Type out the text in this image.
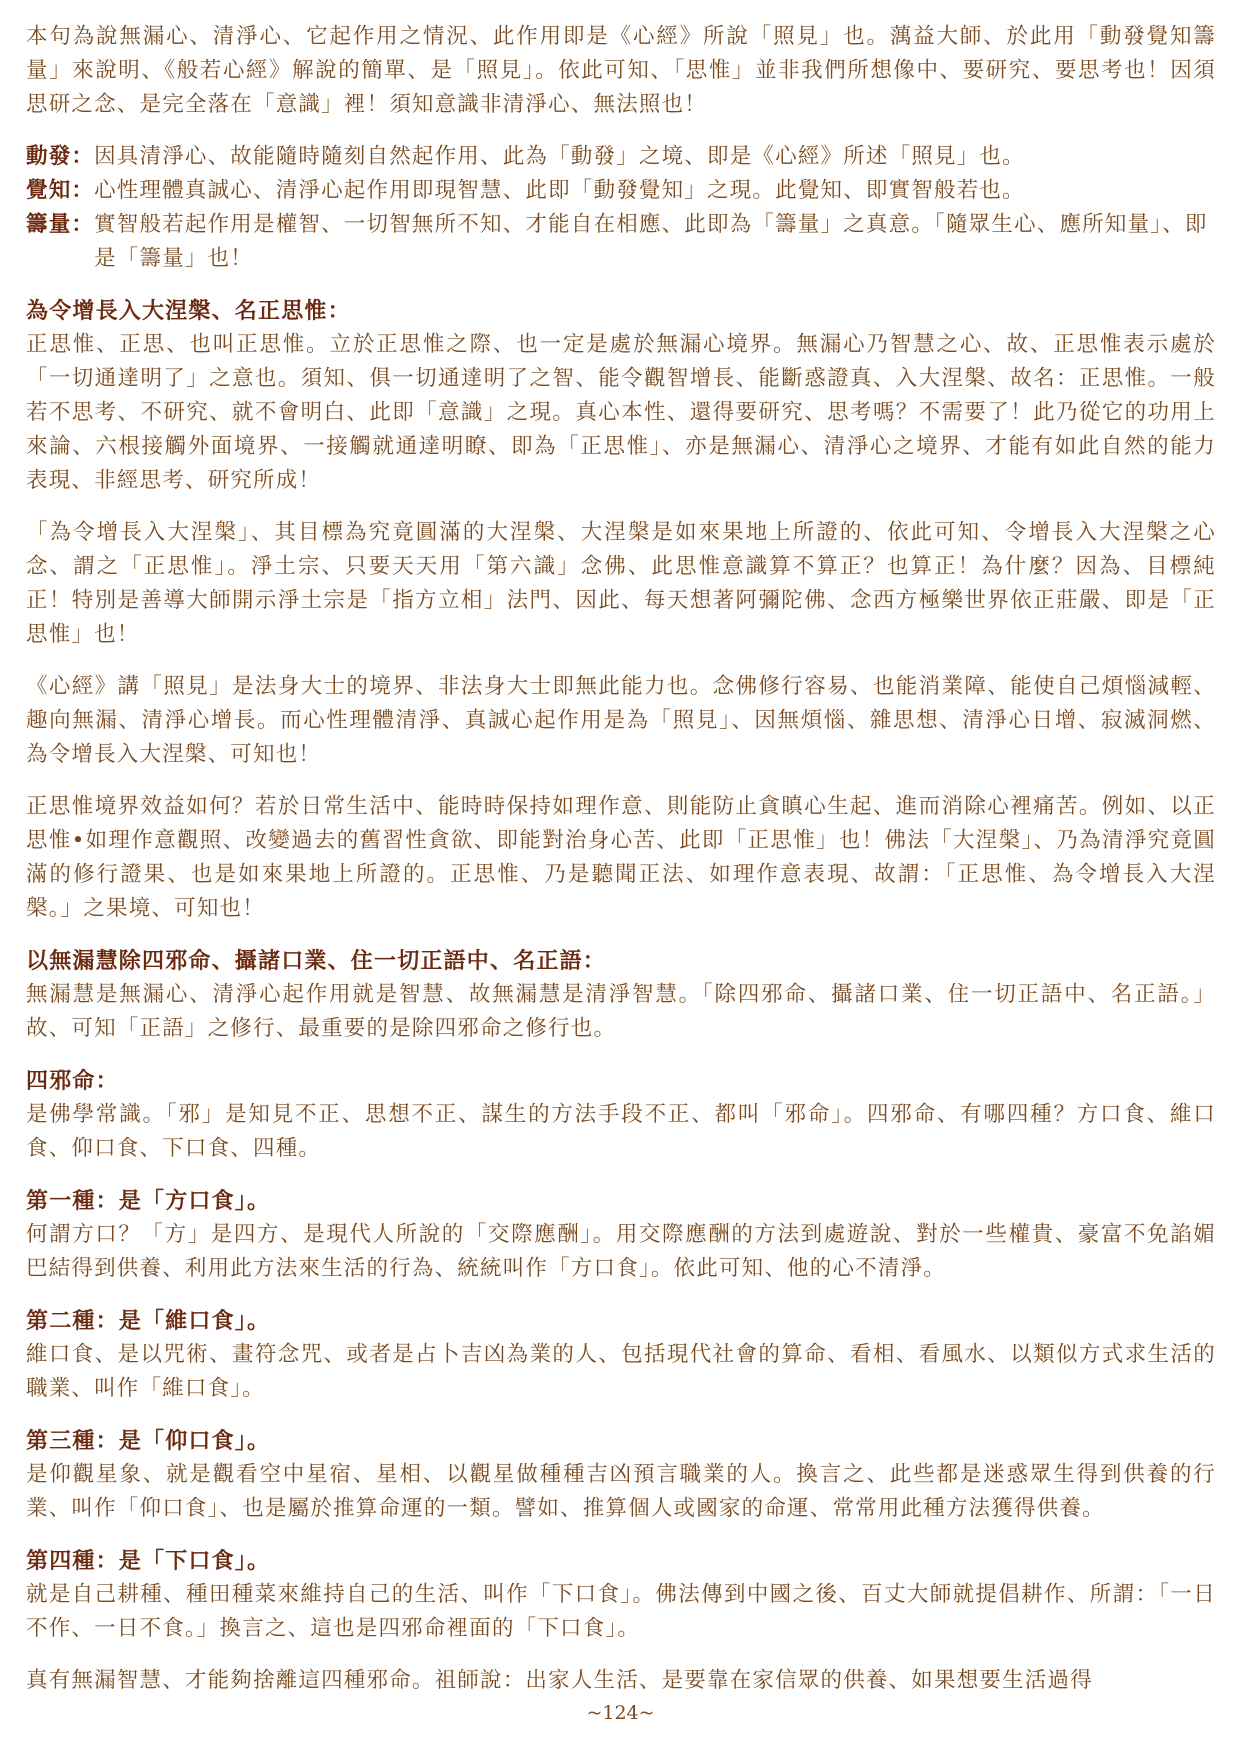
本句為說無漏心、清淨心、它起作用之情況、此作用即是《心經》所說「照見」也。蕅益大師、於此用「動發覺知籌量」來說明、《般若心經》解說的簡單、是「照見」。依此可知、「思惟」並非我們所想像中、要研究、要思考也！因須思研之念、是完全落在「意識」裡！須知意識非清淨心、無法照也！

動發： 因具清淨心、故能隨時隨刻自然起作用、此為「動發」之境、即是《心經》所述「照見」也。
覺知： 心性理體真誠心、清淨心起作用即現智慧、此即「動發覺知」之現。此覺知、即實智般若也。
籌量： 實智般若起作用是權智、一切智無所不知、才能自在相應、此即為「籌量」之真意。「隨眾生心、應所知量」、即是「籌量」也！
為令增長入大涅槃、名正思惟：

正思惟、正思、也叫正思惟。立於正思惟之際、也一定是處於無漏心境界。無漏心乃智慧之心、故、正思惟表示處於「一切通達明了」之意也。須知、俱一切通達明了之智、能令觀智增長、能斷惑證真、入大涅槃、故名：正思惟。一般若不思考、不研究、就不會明白、此即「意識」之現。真心本性、還得要研究、思考嗎？不需要了！此乃從它的功用上來論、六根接觸外面境界、一接觸就通達明瞭、即為「正思惟」、亦是無漏心、清淨心之境界、才能有如此自然的能力表現、非經思考、研究所成！

「為令增長入大涅槃」、其目標為究竟圓滿的大涅槃、大涅槃是如來果地上所證的、依此可知、令增長入大涅槃之心念、謂之「正思惟」。淨土宗、只要天天用「第六識」念佛、此思惟意識算不算正？也算正！為什麼？因為、目標純正！特別是善導大師開示淨土宗是「指方立相」法門、因此、每天想著阿彌陀佛、念西方極樂世界依正莊嚴、即是「正思惟」也！

《心經》講「照見」是法身大士的境界、非法身大士即無此能力也。念佛修行容易、也能消業障、能使自己煩惱減輕、趣向無漏、清淨心增長。而心性理體清淨、真誠心起作用是為「照見」、因無煩惱、雜思想、清淨心日增、寂滅洞燃、為令增長入大涅槃、可知也！

正思惟境界效益如何？若於日常生活中、能時時保持如理作意、則能防止貪瞋心生起、進而消除心裡痛苦。例如、以正思惟•如理作意觀照、改變過去的舊習性貪欲、即能對治身心苦、此即「正思惟」也！佛法「大涅槃」、乃為清淨究竟圓滿的修行證果、也是如來果地上所證的。正思惟、乃是聽聞正法、如理作意表現、故謂：「正思惟、為令增長入大涅槃。」之果境、可知也！

以無漏慧除四邪命、攝諸口業、住一切正語中、名正語：

無漏慧是無漏心、清淨心起作用就是智慧、故無漏慧是清淨智慧。「除四邪命、攝諸口業、住一切正語中、名正語。」故、可知「正語」之修行、最重要的是除四邪命之修行也。

四邪命：

是佛學常識。「邪」是知見不正、思想不正、謀生的方法手段不正、都叫「邪命」。四邪命、有哪四種？方口食、維口食、仰口食、下口食、四種。

第一種：是「方口食」。

何謂方口？「方」是四方、是現代人所說的「交際應酬」。用交際應酬的方法到處遊說、對於一些權貴、豪富不免諂媚巴結得到供養、利用此方法來生活的行為、統統叫作「方口食」。依此可知、他的心不清淨。

第二種：是「維口食」。

維口食、是以咒術、畫符念咒、或者是占卜吉凶為業的人、包括現代社會的算命、看相、看風水、以類似方式求生活的職業、叫作「維口食」。

第三種：是「仰口食」。

是仰觀星象、就是觀看空中星宿、星相、以觀星做種種吉凶預言職業的人。換言之、此些都是迷惑眾生得到供養的行業、叫作「仰口食」、也是屬於推算命運的一類。譬如、推算個人或國家的命運、常常用此種方法獲得供養。

第四種：是「下口食」。

就是自己耕種、種田種菜來維持自己的生活、叫作「下口食」。佛法傳到中國之後、百丈大師就提倡耕作、所謂：「一日不作、一日不食。」換言之、這也是四邪命裡面的「下口食」。

真有無漏智慧、才能夠捨離這四種邪命。祖師說：出家人生活、是要靠在家信眾的供養、如果想要生活過得

~124~
